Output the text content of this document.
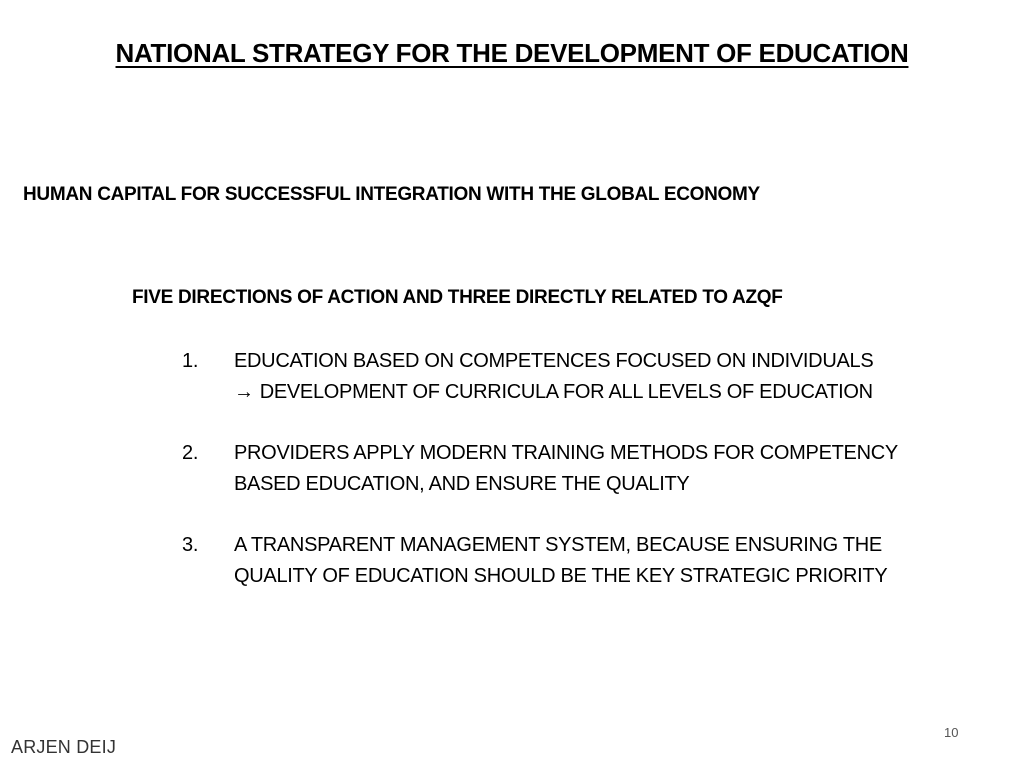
NATIONAL STRATEGY FOR THE DEVELOPMENT OF EDUCATION
HUMAN CAPITAL FOR SUCCESSFUL INTEGRATION WITH THE GLOBAL ECONOMY
FIVE DIRECTIONS OF ACTION AND THREE DIRECTLY RELATED TO AZQF
1.	EDUCATION BASED ON COMPETENCES FOCUSED ON INDIVIDUALS
→ DEVELOPMENT OF CURRICULA FOR ALL LEVELS OF EDUCATION
2.	PROVIDERS APPLY MODERN TRAINING METHODS FOR COMPETENCY
BASED EDUCATION, AND ENSURE THE QUALITY
3.	A TRANSPARENT MANAGEMENT SYSTEM, BECAUSE ENSURING THE
QUALITY OF EDUCATION SHOULD BE THE KEY STRATEGIC PRIORITY
ARJEN DEIJ
10
